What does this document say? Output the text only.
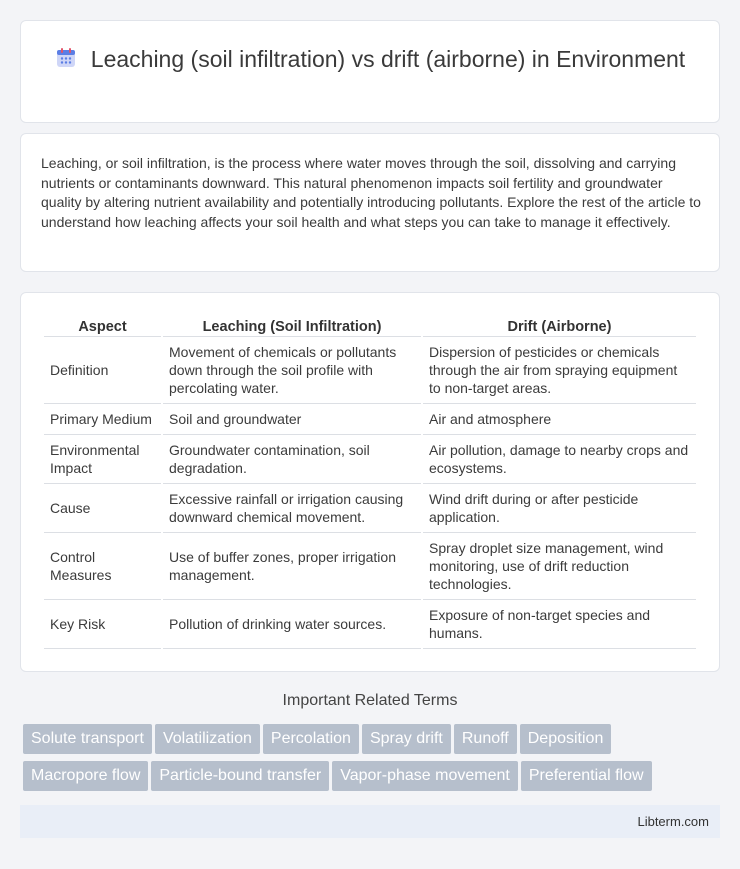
Leaching (soil infiltration) vs drift (airborne) in Environment

Leaching, or soil infiltration, is the process where water moves through the soil, dissolving and carrying nutrients or contaminants downward. This natural phenomenon impacts soil fertility and groundwater quality by altering nutrient availability and potentially introducing pollutants. Explore the rest of the article to understand how leaching affects your soil health and what steps you can take to manage it effectively.

Aspect	Leaching (Soil Infiltration)	Drift (Airborne)
Definition	Movement of chemicals or pollutants down through the soil profile with percolating water.	Dispersion of pesticides or chemicals through the air from spraying equipment to non-target areas.
Primary Medium	Soil and groundwater	Air and atmosphere
Environmental Impact	Groundwater contamination, soil degradation.	Air pollution, damage to nearby crops and ecosystems.
Cause	Excessive rainfall or irrigation causing downward chemical movement.	Wind drift during or after pesticide application.
Control Measures	Use of buffer zones, proper irrigation management.	Spray droplet size management, wind monitoring, use of drift reduction technologies.
Key Risk	Pollution of drinking water sources.	Exposure of non-target species and humans.
Important Related Terms
Solute transport Volatilization Percolation Spray drift Runoff Deposition
Macropore flow Particle-bound transfer Vapor-phase movement Preferential flow
Libterm.com
